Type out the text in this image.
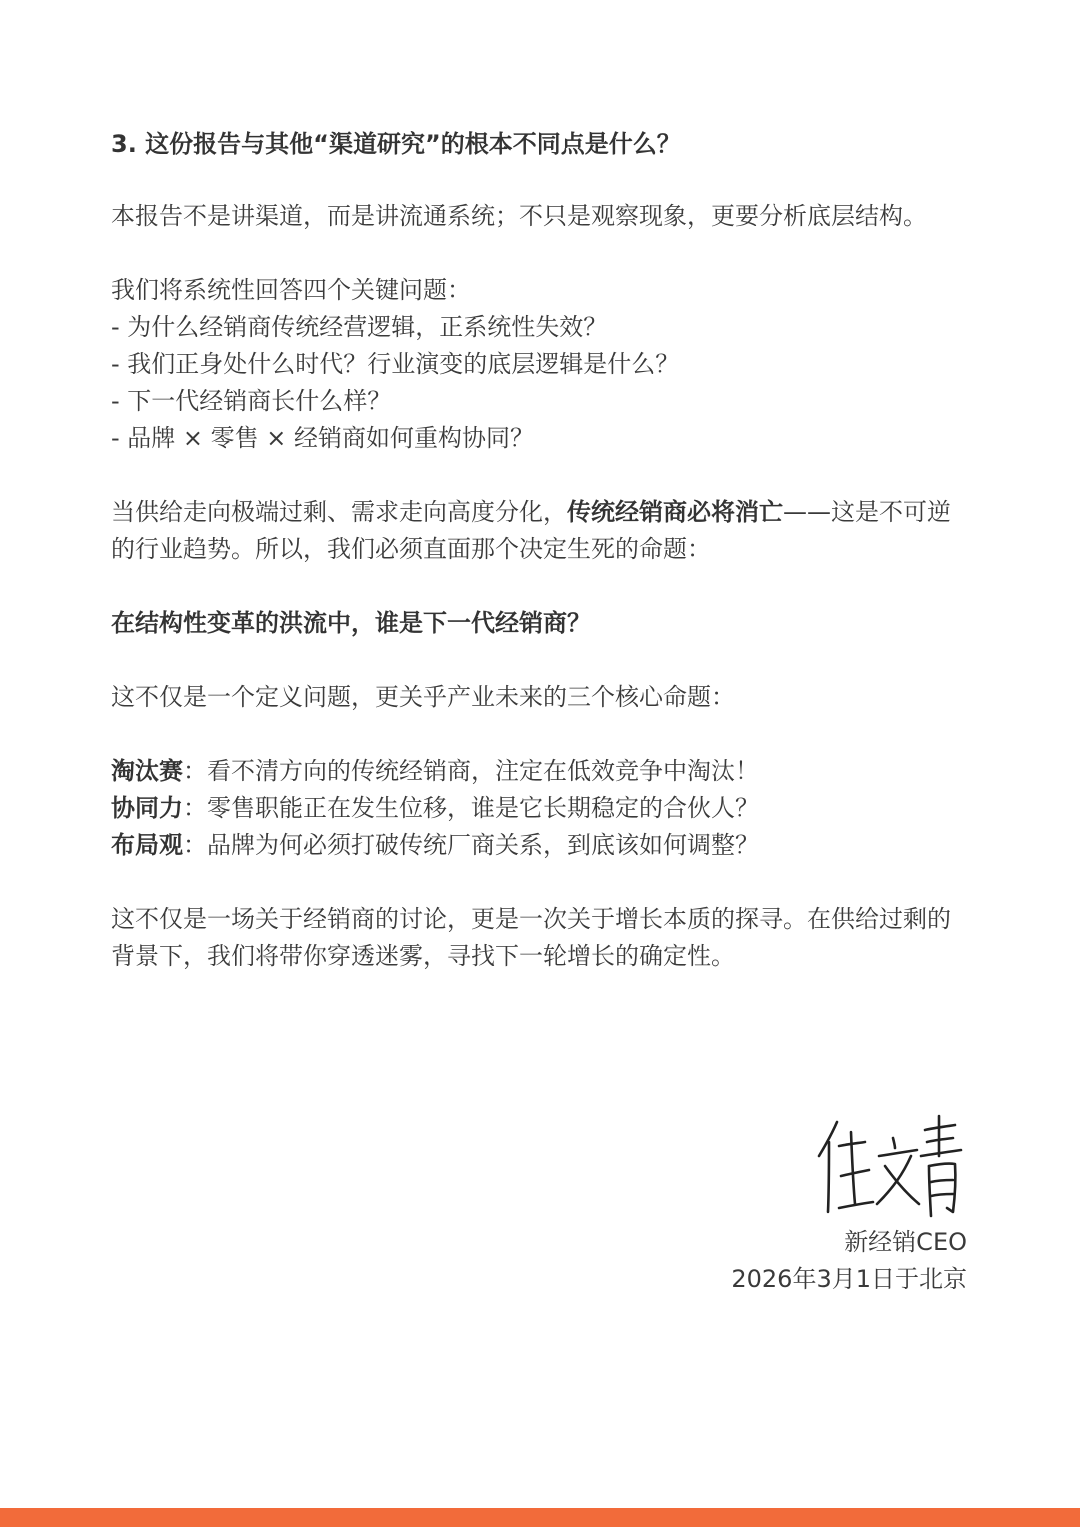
3. 这份报告与其他“渠道研究”的根本不同点是什么？

本报告不是讲渠道，而是讲流通系统；不只是观察现象，更要分析底层结构。

我们将系统性回答四个关键问题：

- 为什么经销商传统经营逻辑，正系统性失效？

- 我们正身处什么时代？行业演变的底层逻辑是什么？

- 下一代经销商长什么样？

- 品牌 × 零售 × 经销商如何重构协同？

当供给走向极端过剩、需求走向高度分化，传统经销商必将消亡——这是不可逆的行业趋势。所以，我们必须直面那个决定生死的命题：

在结构性变革的洪流中，谁是下一代经销商？

这不仅是一个定义问题，更关乎产业未来的三个核心命题：

淘汰赛：看不清方向的传统经销商，注定在低效竞争中淘汰！

协同力：零售职能正在发生位移，谁是它长期稳定的合伙人？

布局观：品牌为何必须打破传统厂商关系，到底该如何调整？

这不仅是一场关于经销商的讨论，更是一次关于增长本质的探寻。在供给过剩的背景下，我们将带你穿透迷雾，寻找下一轮增长的确定性。

新经销CEO
2026年3月1日于北京
